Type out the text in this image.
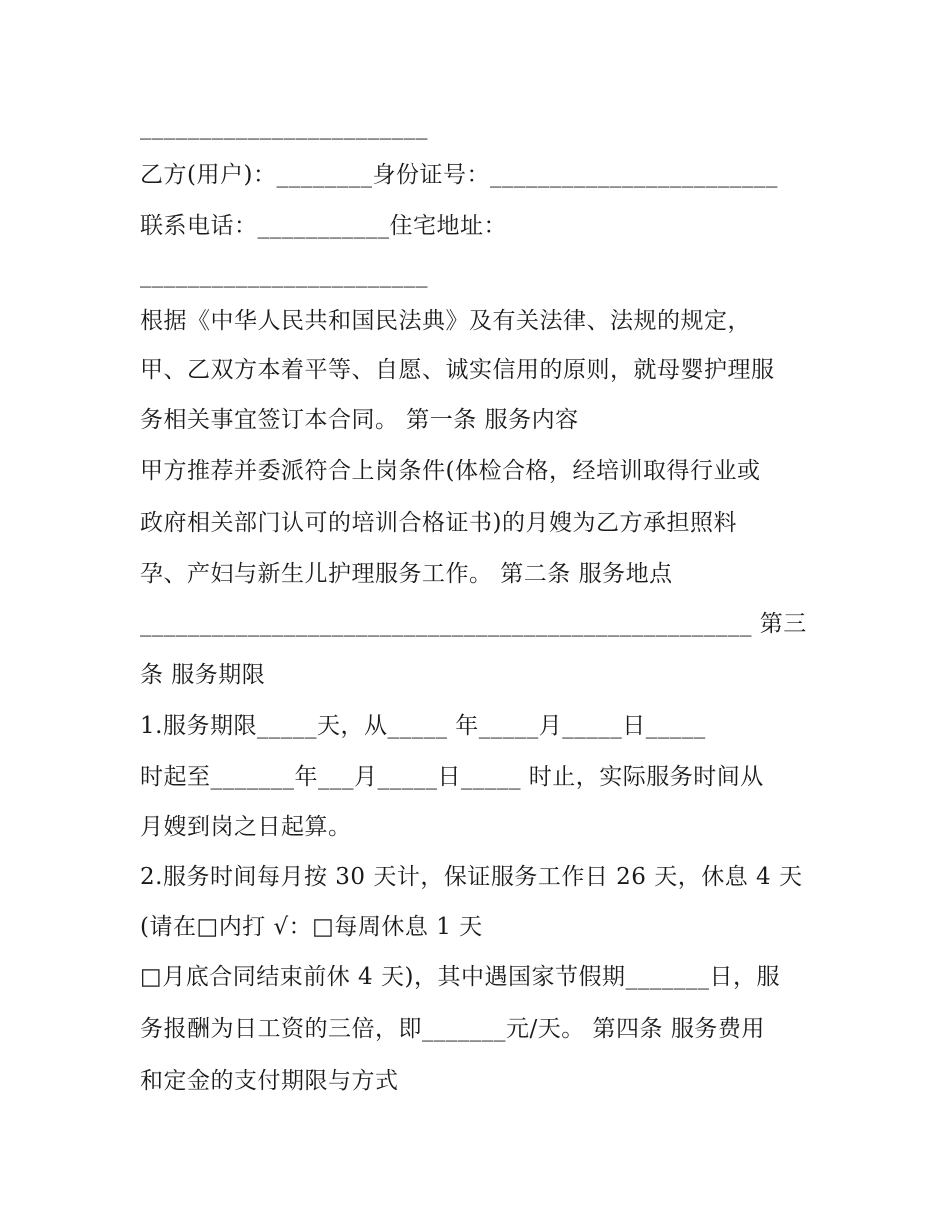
________________________
乙方(用户)：________身份证号：________________________
联系电话：___________住宅地址：
________________________
根据《中华人民共和国民法典》及有关法律、法规的规定，
甲、乙双方本着平等、自愿、诚实信用的原则，就母婴护理服
务相关事宜签订本合同。 第一条 服务内容
甲方推荐并委派符合上岗条件(体检合格，经培训取得行业或
政府相关部门认可的培训合格证书)的月嫂为乙方承担照料
孕、产妇与新生儿护理服务工作。 第二条 服务地点
___________________________________________________ 第三
条 服务期限
1.服务期限_____天，从_____ 年_____月_____日_____
时起至_______年___月_____日_____ 时止，实际服务时间从
月嫂到岗之日起算。
2.服务时间每月按 30 天计，保证服务工作日 26 天，休息 4 天
(请在□内打 √：□每周休息 1 天
□月底合同结束前休 4 天)，其中遇国家节假期_______日，服
务报酬为日工资的三倍，即_______元/天。 第四条 服务费用
和定金的支付期限与方式
